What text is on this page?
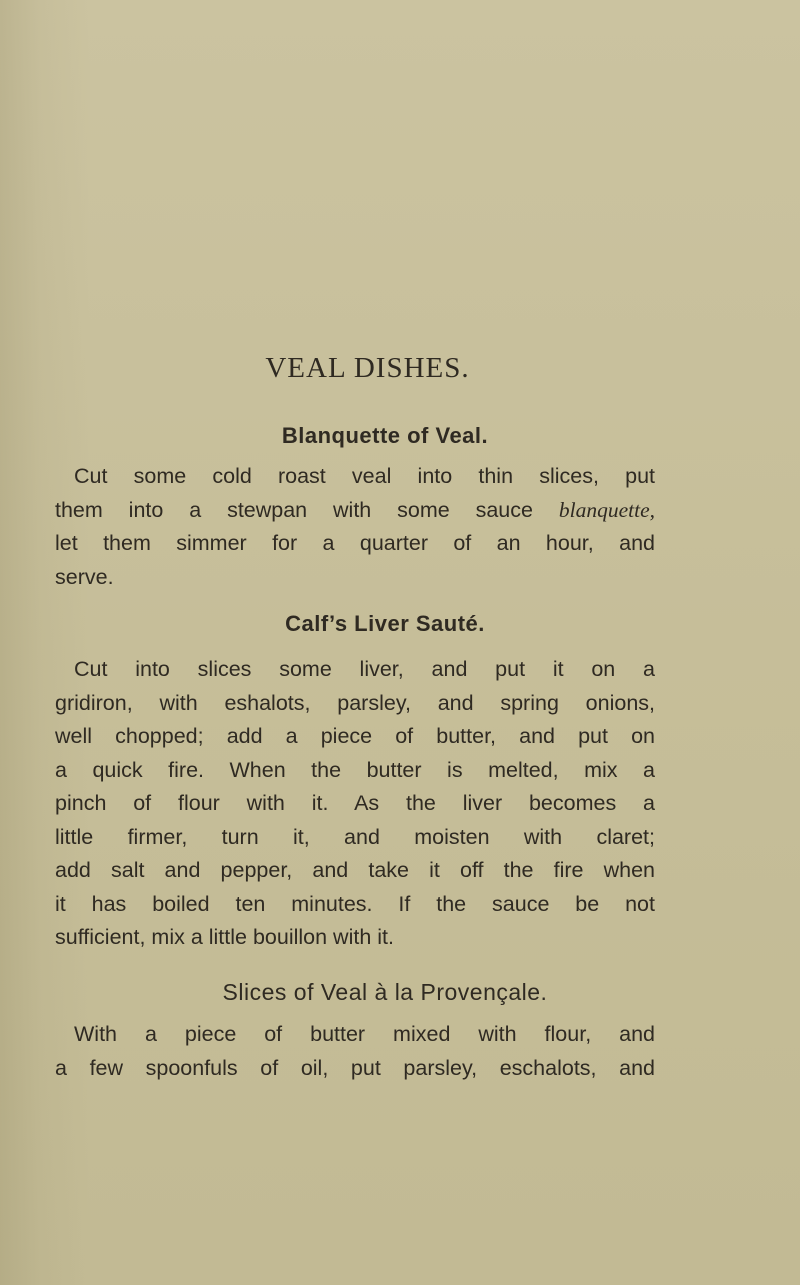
VEAL DISHES.
Blanquette of Veal.
Cut some cold roast veal into thin slices, put
them into a stewpan with some sauce blanquette,
let them simmer for a quarter of an hour, and
serve.
Calf’s Liver Sauté.
Cut into slices some liver, and put it on a
gridiron, with eshalots, parsley, and spring onions,
well chopped; add a piece of butter, and put on
a quick fire. When the butter is melted, mix a
pinch of flour with it. As the liver becomes a
little firmer, turn it, and moisten with claret;
add salt and pepper, and take it off the fire when
it has boiled ten minutes. If the sauce be not
sufficient, mix a little bouillon with it.
Slices of Veal à la Provençale.
With a piece of butter mixed with flour, and
a few spoonfuls of oil, put parsley, eschalots, and
